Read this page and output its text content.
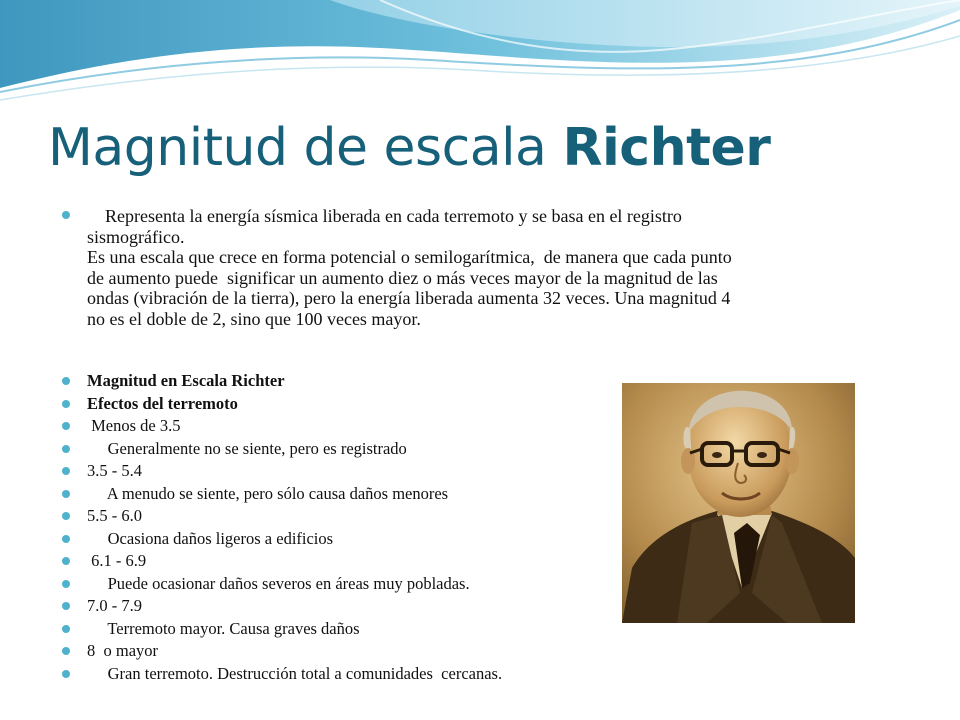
Magnitud de escala Richter
Representa la energía sísmica liberada en cada terremoto y se basa en el registro
sismográfico.
Es una escala que crece en forma potencial o semilogarítmica,  de manera que cada punto
de aumento puede  significar un aumento diez o más veces mayor de la magnitud de las
ondas (vibración de la tierra), pero la energía liberada aumenta 32 veces. Una magnitud 4
no es el doble de 2, sino que 100 veces mayor.
Magnitud en Escala Richter
Efectos del terremoto
Menos de 3.5
Generalmente no se siente, pero es registrado
3.5 - 5.4
A menudo se siente, pero sólo causa daños menores
5.5 - 6.0
Ocasiona daños ligeros a edificios
6.1 - 6.9
Puede ocasionar daños severos en áreas muy pobladas.
7.0 - 7.9
Terremoto mayor. Causa graves daños
8  o mayor
Gran terremoto. Destrucción total a comunidades  cercanas.
